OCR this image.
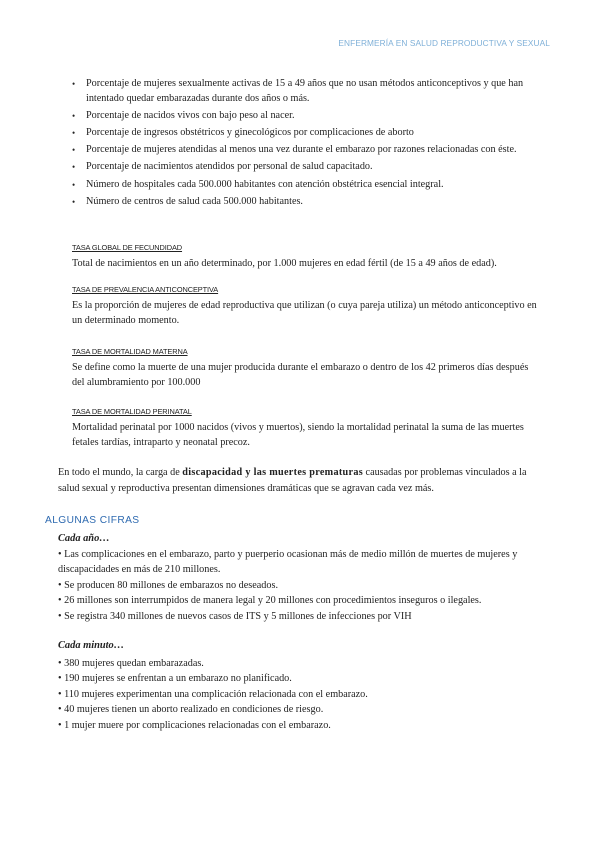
ENFERMERÍA EN SALUD REPRODUCTIVA Y SEXUAL
• Porcentaje de mujeres sexualmente activas de 15 a 49 años que no usan métodos anticonceptivos y que han intentado quedar embarazadas durante dos años o más.
• Porcentaje de nacidos vivos con bajo peso al nacer.
• Porcentaje de ingresos obstétricos y ginecológicos por complicaciones de aborto
• Porcentaje de mujeres atendidas al menos una vez durante el embarazo por razones relacionadas con éste.
• Porcentaje de nacimientos atendidos por personal de salud capacitado.
• Número de hospitales cada 500.000 habitantes con atención obstétrica esencial integral.
• Número de centros de salud cada 500.000 habitantes.
TASA GLOBAL DE FECUNDIDAD
Total de nacimientos en un año determinado, por 1.000 mujeres en edad fértil (de 15 a 49 años de edad).
TASA DE PREVALENCIA ANTICONCEPTIVA
Es la proporción de mujeres de edad reproductiva que utilizan (o cuya pareja utiliza) un método anticonceptivo en un determinado momento.
TASA DE MORTALIDAD MATERNA
Se define como la muerte de una mujer producida durante el embarazo o dentro de los 42 primeros días después del alumbramiento por 100.000
TASA DE MORTALIDAD PERINATAL
Mortalidad perinatal por 1000 nacidos (vivos y muertos), siendo la mortalidad perinatal la suma de las muertes fetales tardías, intraparto y neonatal precoz.

En todo el mundo, la carga de discapacidad y las muertes prematuras causadas por problemas vinculados a la salud sexual y reproductiva presentan dimensiones dramáticas que se agravan cada vez más.

ALGUNAS CIFRAS
Cada año…
• Las complicaciones en el embarazo, parto y puerperio ocasionan más de medio millón de muertes de mujeres y discapacidades en más de 210 millones.
• Se producen 80 millones de embarazos no deseados.
• 26 millones son interrumpidos de manera legal y 20 millones con procedimientos inseguros o ilegales.
• Se registra 340 millones de nuevos casos de ITS y 5 millones de infecciones por VIH
Cada minuto…
• 380 mujeres quedan embarazadas.
• 190 mujeres se enfrentan a un embarazo no planificado.
• 110 mujeres experimentan una complicación relacionada con el embarazo.
• 40 mujeres tienen un aborto realizado en condiciones de riesgo.
• 1 mujer muere por complicaciones relacionadas con el embarazo.
